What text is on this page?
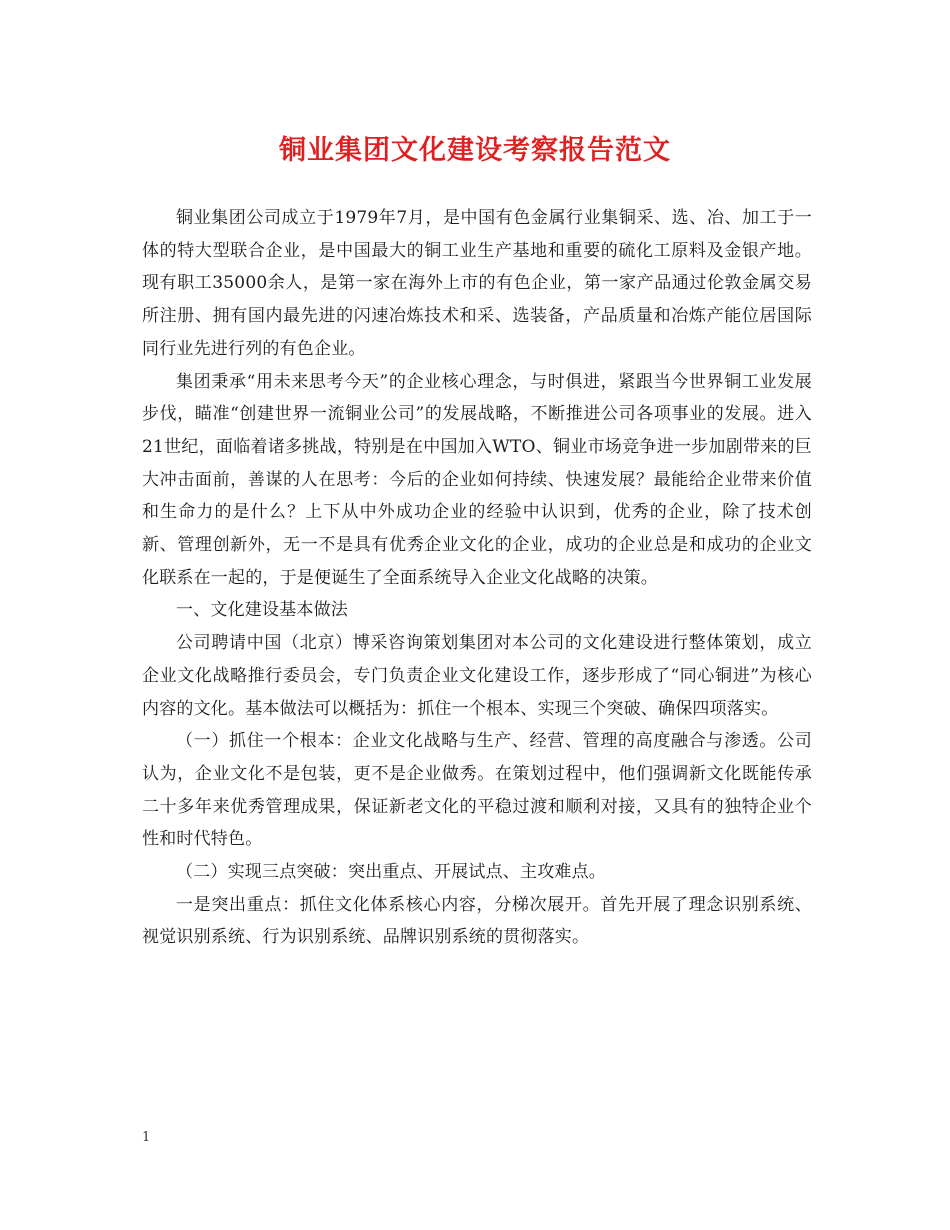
铜业集团文化建设考察报告范文

铜业集团公司成立于1979年7月，是中国有色金属行业集铜采、选、冶、加工于一体的特大型联合企业，是中国最大的铜工业生产基地和重要的硫化工原料及金银产地。现有职工35000余人，是第一家在海外上市的有色企业，第一家产品通过伦敦金属交易所注册、拥有国内最先进的闪速冶炼技术和采、选装备，产品质量和冶炼产能位居国际同行业先进行列的有色企业。

集团秉承“用未来思考今天”的企业核心理念，与时俱进，紧跟当今世界铜工业发展步伐，瞄准“创建世界一流铜业公司”的发展战略，不断推进公司各项事业的发展。进入21世纪，面临着诸多挑战，特别是在中国加入WTO、铜业市场竞争进一步加剧带来的巨大冲击面前，善谋的人在思考：今后的企业如何持续、快速发展？最能给企业带来价值和生命力的是什么？上下从中外成功企业的经验中认识到，优秀的企业，除了技术创新、管理创新外，无一不是具有优秀企业文化的企业，成功的企业总是和成功的企业文化联系在一起的，于是便诞生了全面系统导入企业文化战略的决策。

一、文化建设基本做法

公司聘请中国（北京）博采咨询策划集团对本公司的文化建设进行整体策划，成立企业文化战略推行委员会，专门负责企业文化建设工作，逐步形成了“同心铜进”为核心内容的文化。基本做法可以概括为：抓住一个根本、实现三个突破、确保四项落实。

（一）抓住一个根本：企业文化战略与生产、经营、管理的高度融合与渗透。公司认为，企业文化不是包装，更不是企业做秀。在策划过程中，他们强调新文化既能传承二十多年来优秀管理成果，保证新老文化的平稳过渡和顺利对接，又具有的独特企业个性和时代特色。

（二）实现三点突破：突出重点、开展试点、主攻难点。

一是突出重点：抓住文化体系核心内容，分梯次展开。首先开展了理念识别系统、视觉识别系统、行为识别系统、品牌识别系统的贯彻落实。

1
